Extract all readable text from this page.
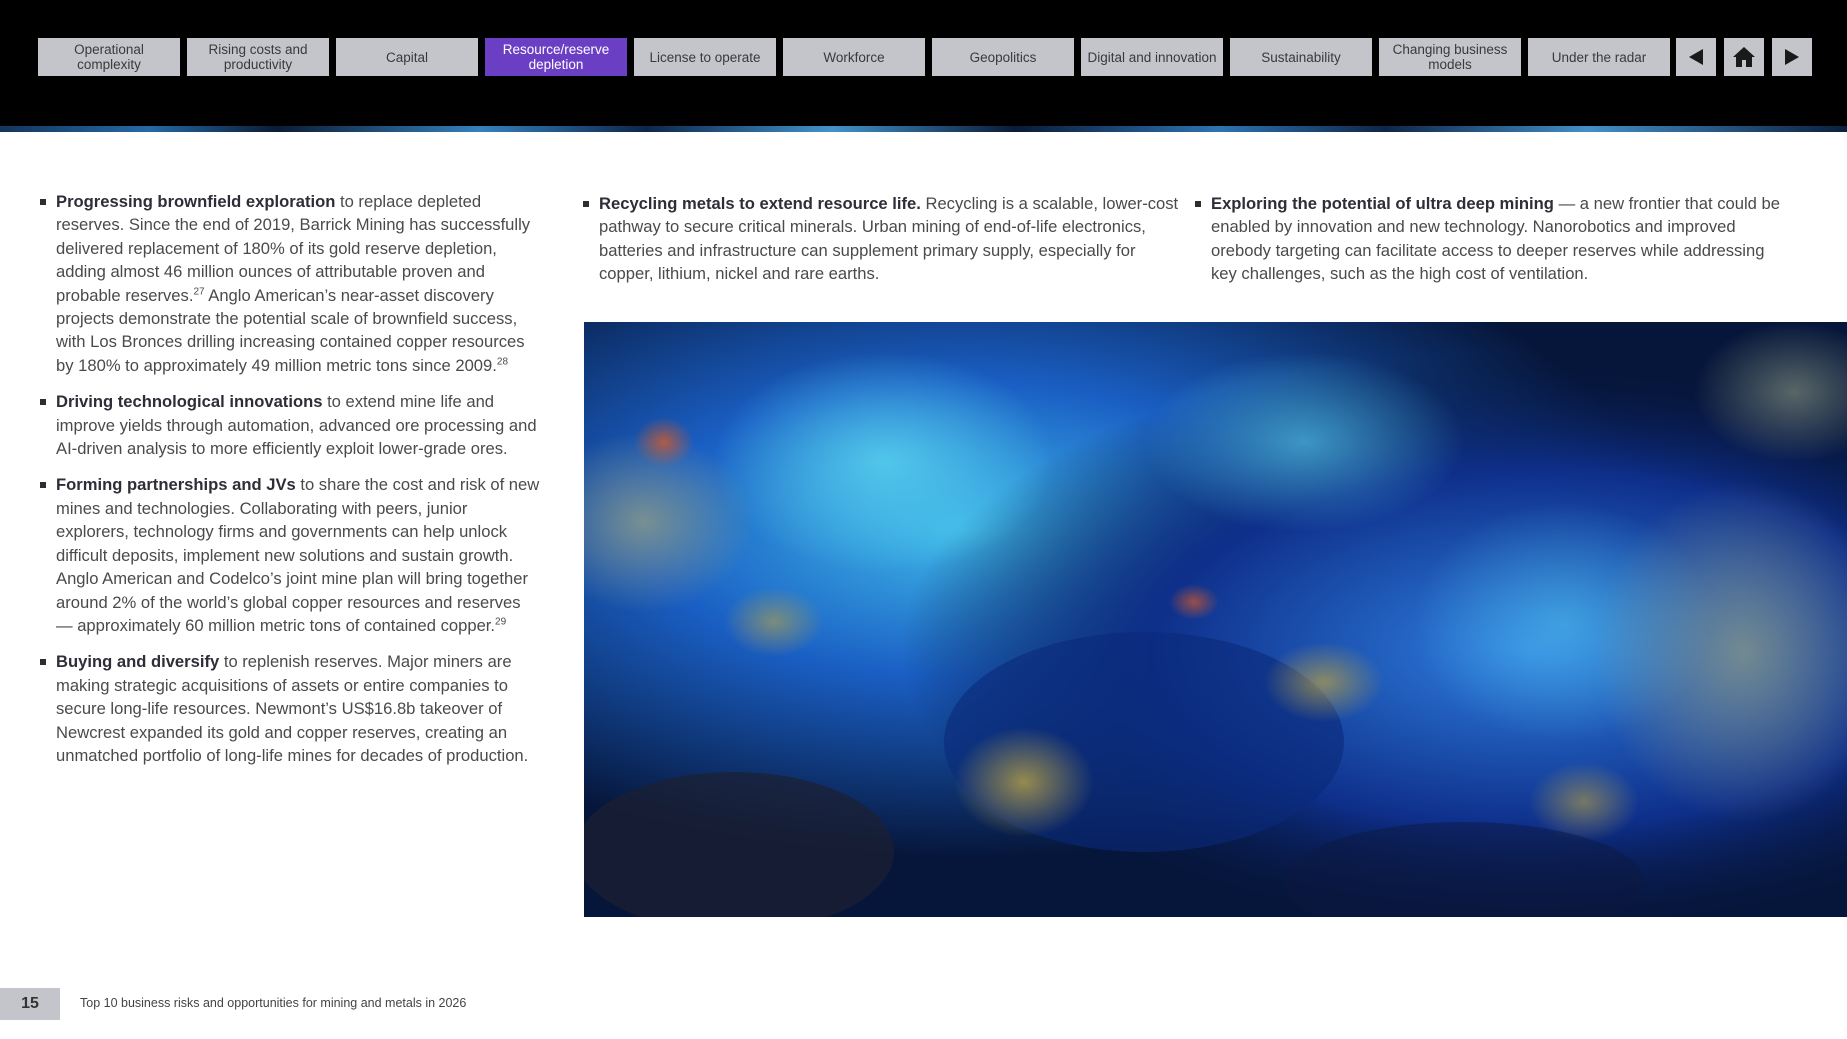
Operational complexity
Rising costs and productivity	Capital	Resource/reserve depletion	License to operate	Workforce	Geopolitics	Digital and innovation	Sustainability	Changing business models	Under the radar
Progressing brownfield exploration to replace depleted reserves. Since the end of 2019, Barrick Mining has successfully delivered replacement of 180% of its gold reserve depletion, adding almost 46 million ounces of attributable proven and probable reserves.$^{27}$ Anglo American’s near-asset discovery projects demonstrate the potential scale of brownfield success, with Los Bronces drilling increasing contained copper resources by 180% to approximately 49 million metric tons since 2009.28
Driving technological innovations to extend mine life and improve yields through automation, advanced ore processing and AI-driven analysis to more efficiently exploit lower-grade ores.
Forming partnerships and JVs to share the cost and risk of new mines and technologies. Collaborating with peers, junior explorers, technology firms and governments can help unlock difficult deposits, implement new solutions and sustain growth. Anglo American and Codelco’s joint mine plan will bring together around 2% of the world’s global copper resources and reserves — approximately 60 million metric tons of contained copper.$^{29}$
Buying and diversify to replenish reserves. Major miners are making strategic acquisitions of assets or entire companies to secure long-life resources. Newmont’s US$16.8b takeover of Newcrest expanded its gold and copper reserves, creating an unmatched portfolio of long-life mines for decades of production.
Recycling metals to extend resource life. Recycling is a scalable, lower-cost pathway to secure critical minerals. Urban mining of end-of-life electronics, batteries and infrastructure can supplement primary supply, especially for copper, lithium, nickel and rare earths.
Exploring the potential of ultra deep mining — a new frontier that could be enabled by innovation and new technology. Nanorobotics and improved orebody targeting can facilitate access to deeper reserves while addressing key challenges, such as the high cost of ventilation.
15	Top 10 business risks and opportunities for mining and metals in 2026
